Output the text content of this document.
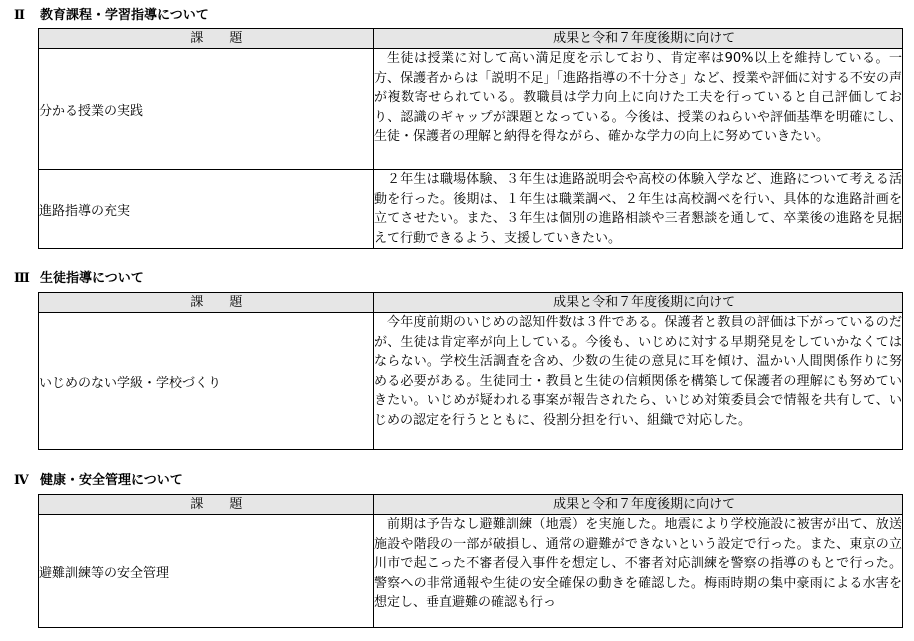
Ⅱ 教育課程・学習指導について
課　　題	成果と令和７年度後期に向けて
分かる授業の実践	生徒は授業に対して高い満足度を示しており、肯定率は90%以上を維持している。一方、保護者からは「説明不足」「進路指導の不十分さ」など、授業や評価に対する不安の声が複数寄せられている。教職員は学力向上に向けた工夫を行っていると自己評価しており、認識のギャップが課題となっている。今後は、授業のねらいや評価基準を明確にし、生徒・保護者の理解と納得を得ながら、確かな学力の向上に努めていきたい。
進路指導の充実	２年生は職場体験、３年生は進路説明会や高校の体験入学など、進路について考える活動を行った。後期は、１年生は職業調べ、２年生は高校調べを行い、具体的な進路計画を立てさせたい。また、３年生は個別の進路相談や三者懇談を通して、卒業後の進路を見据えて行動できるよう、支援していきたい。
Ⅲ 生徒指導について
課　　題	成果と令和７年度後期に向けて
いじめのない学級・学校づくり	今年度前期のいじめの認知件数は３件である。保護者と教員の評価は下がっているのだが、生徒は肯定率が向上している。今後も、いじめに対する早期発見をしていかなくてはならない。学校生活調査を含め、少数の生徒の意見に耳を傾け、温かい人間関係作りに努める必要がある。生徒同士・教員と生徒の信頼関係を構築して保護者の理解にも努めていきたい。いじめが疑われる事案が報告されたら、いじめ対策委員会で情報を共有して、いじめの認定を行うとともに、役割分担を行い、組織で対応した。
Ⅳ 健康・安全管理について
課　　題	成果と令和７年度後期に向けて
避難訓練等の安全管理	前期は予告なし避難訓練（地震）を実施した。地震により学校施設に被害が出て、放送施設や階段の一部が破損し、通常の避難ができないという設定で行った。また、東京の立川市で起こった不審者侵入事件を想定し、不審者対応訓練を警察の指導のもとで行った。警察への非常通報や生徒の安全確保の動きを確認した。梅雨時期の集中豪雨による水害を想定し、垂直避難の確認も行っ
